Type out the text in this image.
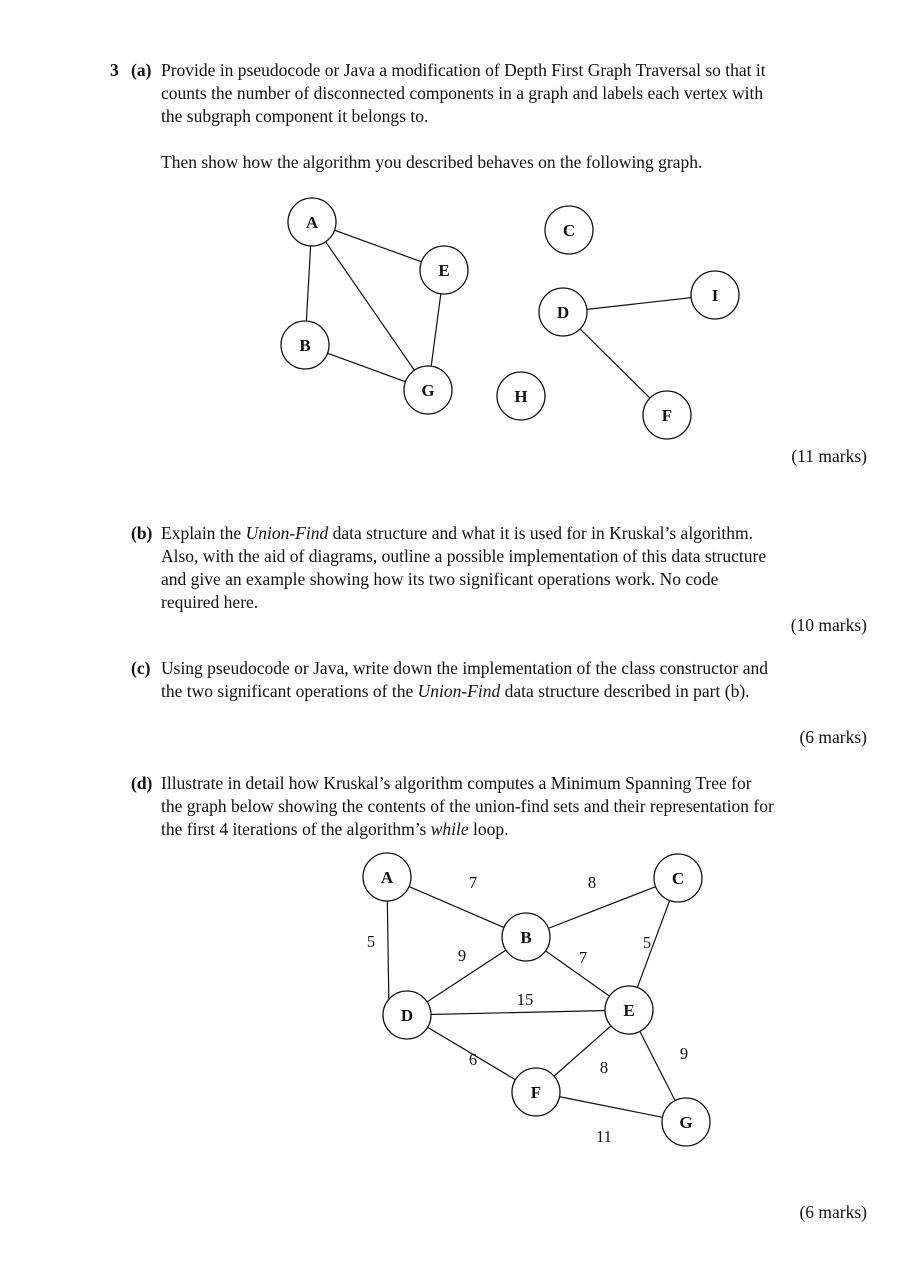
3 (a) Provide in pseudocode or Java a modification of Depth First Graph Traversal so that it
counts the number of disconnected components in a graph and labels each vertex with
the subgraph component it belongs to.
Then show how the algorithm you described behaves on the following graph.
A
E
B
G
C
D
I
H
F
A
B
C
D	E
F
G
7	8
5
9	7
5
15
6	8
9
11
(11 marks)
(b) Explain the Union-Find data structure and what it is used for in Kruskal’s algorithm.
Also, with the aid of diagrams, outline a possible implementation of this data structure
and give an example showing how its two significant operations work. No code
required here.
(10 marks)
(c) Using pseudocode or Java, write down the implementation of the class constructor and
the two significant operations of the Union-Find data structure described in part (b).
(6 marks)
(d) Illustrate in detail how Kruskal’s algorithm computes a Minimum Spanning Tree for
the graph below showing the contents of the union-find sets and their representation for
the first 4 iterations of the algorithm’s while loop.
(6 marks)
